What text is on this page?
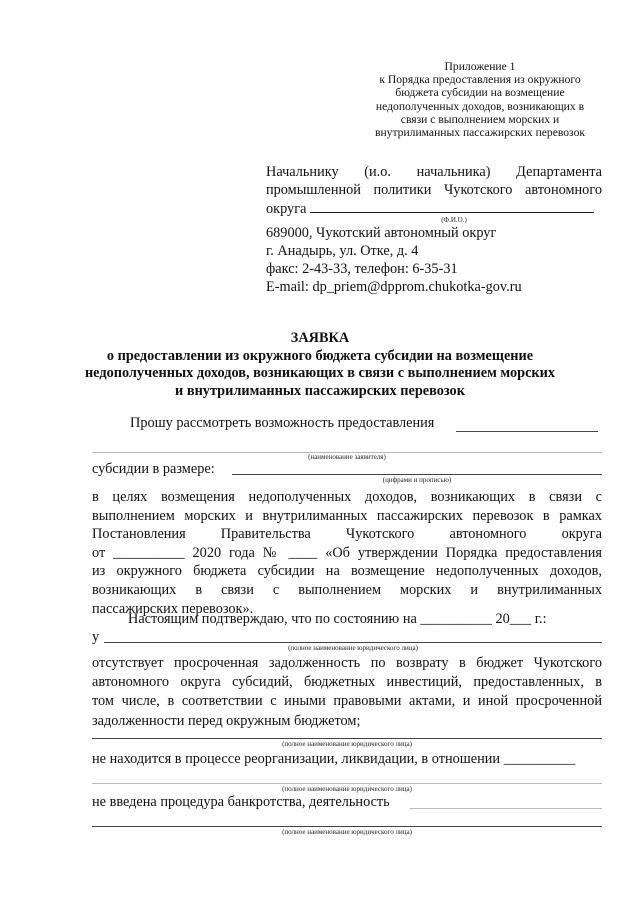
Приложение 1
к Порядка предоставления из окружного
бюджета субсидии на возмещение
недополученных доходов, возникающих в
связи с выполнением морских и
внутрилиманных пассажирских перевозок
Начальнику (и.о. начальника) Департамента
промышленной политики Чукотского автономного
округа
(Ф.И.О.)
689000, Чукотский автономный округ
г. Анадырь, ул. Отке, д. 4
факс: 2-43-33, телефон: 6-35-31
E-mail: dp_priem@dpprom.chukotka-gov.ru
ЗАЯВКА
о предоставлении из окружного бюджета субсидии на возмещение
недополученных доходов, возникающих в связи с выполнением морских
и внутрилиманных пассажирских перевозок
Прошу рассмотреть возможность предоставления
(наименование заявителя)
субсидии в размере:
(цифрами и прописью)
в целях возмещения недополученных доходов, возникающих в связи с
выполнением морских и внутрилиманных пассажирских перевозок в рамках
Постановления Правительства Чукотского автономного округа
от __________ 2020 года № ____ «Об утверждении Порядка предоставления
из окружного бюджета субсидии на возмещение недополученных доходов,
возникающих в связи с выполнением морских и внутрилиманных
пассажирских перевозок».
Настоящим подтверждаю, что по состоянию на __________ 20___ г.:
у
(полное наименование юридического лица)
отсутствует просроченная задолженность по возврату в бюджет Чукотского
автономного округа субсидий, бюджетных инвестиций, предоставленных, в
том числе, в соответствии с иными правовыми актами, и иной просроченной
задолженности перед окружным бюджетом;
(полное наименование юридического лица)
не находится в процессе реорганизации, ликвидации, в отношении __________
(полное наименование юридического лица)
не введена процедура банкротства, деятельность
(полное наименование юридического лица)
